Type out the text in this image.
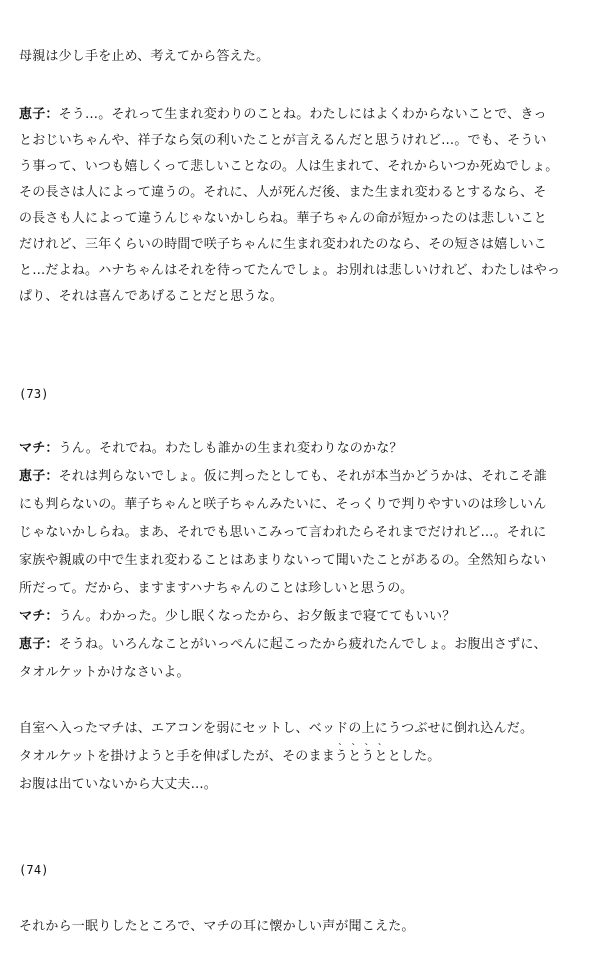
母親は少し手を止め、考えてから答えた。
恵子：そう…。それって生まれ変わりのことね。わたしにはよくわからないことで、きっ
とおじいちゃんや、祥子なら気の利いたことが言えるんだと思うけれど…。でも、そうい
う事って、いつも嬉しくって悲しいことなの。人は生まれて、それからいつか死ぬでしょ。
その長さは人によって違うの。それに、人が死んだ後、また生まれ変わるとするなら、そ
の長さも人によって違うんじゃないかしらね。華子ちゃんの命が短かったのは悲しいこと
だけれど、三年くらいの時間で咲子ちゃんに生まれ変われたのなら、その短さは嬉しいこ
と…だよね。ハナちゃんはそれを待ってたんでしょ。お別れは悲しいけれど、わたしはやっ
ぱり、それは喜んであげることだと思うな。
(73)
マチ：うん。それでね。わたしも誰かの生まれ変わりなのかな？
恵子：それは判らないでしょ。仮に判ったとしても、それが本当かどうかは、それこそ誰
にも判らないの。華子ちゃんと咲子ちゃんみたいに、そっくりで判りやすいのは珍しいん
じゃないかしらね。まあ、それでも思いこみって言われたらそれまでだけれど…。それに
家族や親戚の中で生まれ変わることはあまりないって聞いたことがあるの。全然知らない
所だって。だから、ますますハナちゃんのことは珍しいと思うの。
マチ：うん。わかった。少し眠くなったから、お夕飯まで寝ててもいい？
恵子：そうね。いろんなことがいっぺんに起こったから疲れたんでしょ。お腹出さずに、
タオルケットかけなさいよ。
自室へ入ったマチは、エアコンを弱にセットし、ベッドの上にうつぶせに倒れ込んだ。
タオルケットを掛けようと手を伸ばしたが、そのままˋ うˋ とˋ うˋ ととした。
お腹は出ていないから大丈夫…。
(74)
それから一眠りしたところで、マチの耳に懐かしい声が聞こえた。
